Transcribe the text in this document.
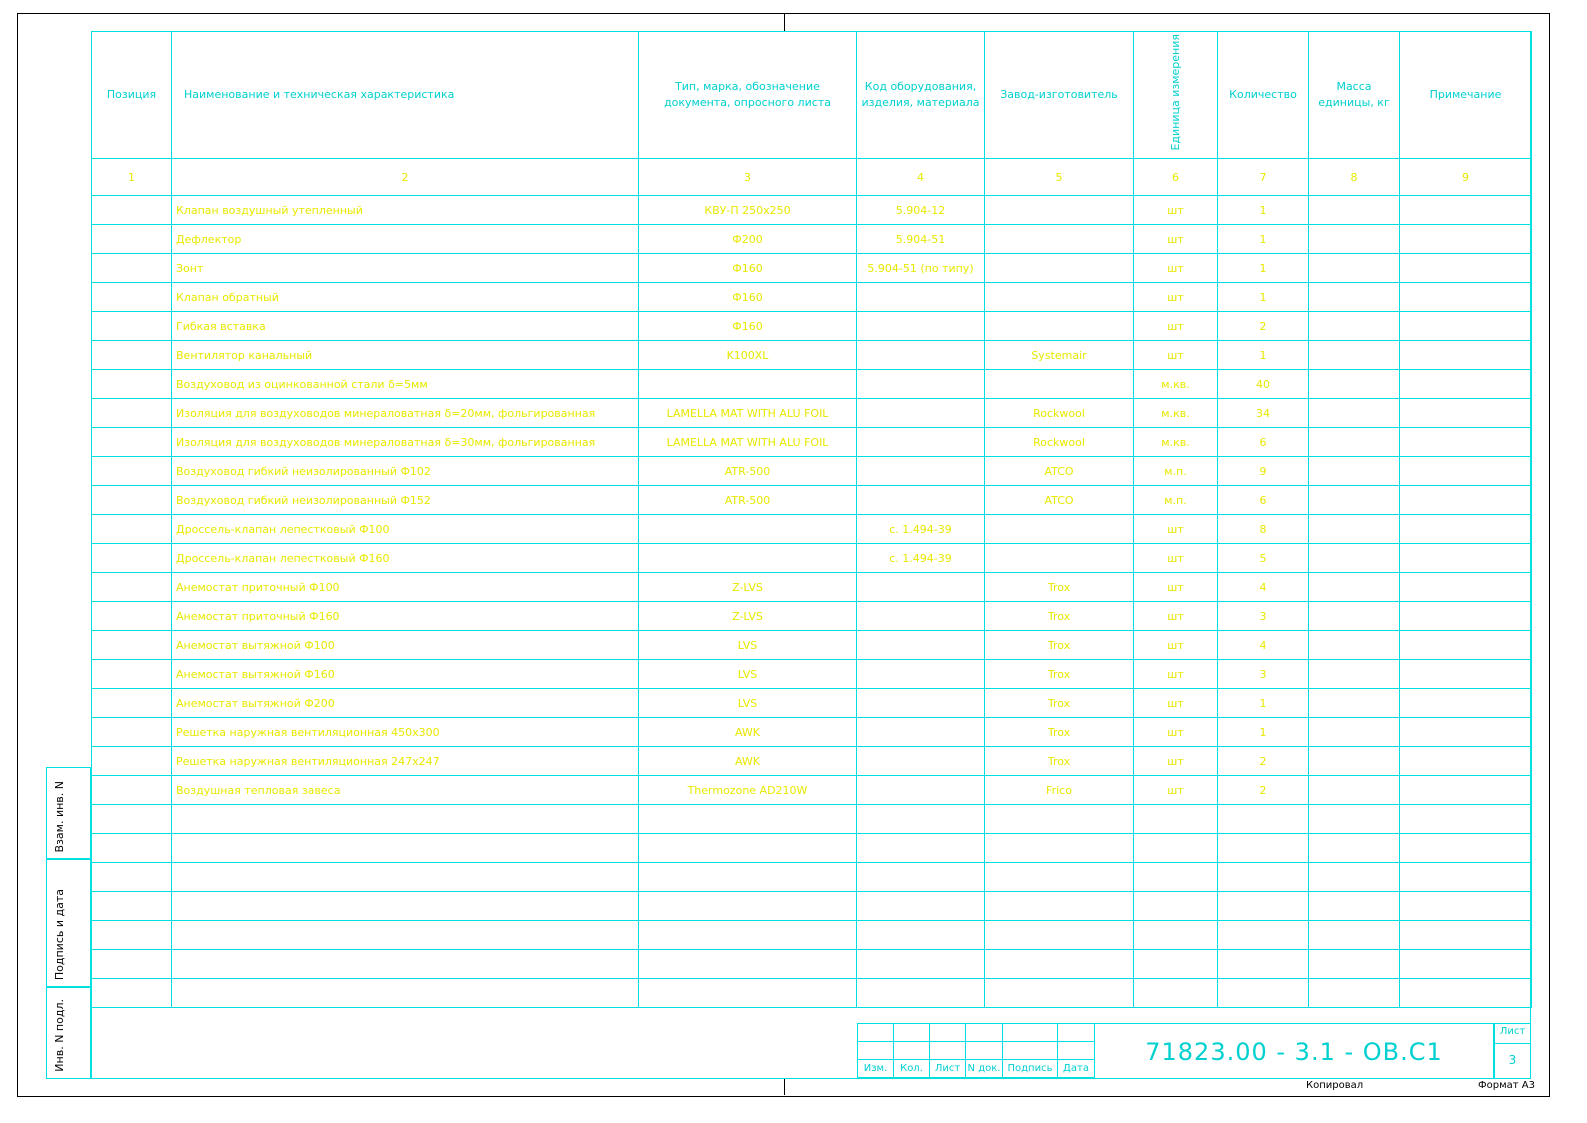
Позиция	Наименование и техническая характеристика	Тип, марка, обозначение документа, опросного листа	Код оборудования, изделия, материала	Завод-изготовитель	Единица измерения	Количество	Масса единицы, кг	Примечание
1	2	3	4	5	6	7	8	9
	Клапан воздушный утепленный	КВУ-П 250х250	5.904-12		шт	1		
	Дефлектор	Ф200	5.904-51		шт	1		
	Зонт	Ф160	5.904-51 (по типу)		шт	1		
	Клапан обратный	Ф160			шт	1		
	Гибкая вставка	Ф160			шт	2		
	Вентилятор канальный	K100XL		Systemair	шт	1		
	Воздуховод из оцинкованной стали δ=5мм				м.кв.	40		
	Изоляция для воздуховодов минераловатная δ=20мм, фольгированная	LAMELLA MAT WITH ALU FOIL		Rockwool	м.кв.	34		
	Изоляция для воздуховодов минераловатная δ=30мм, фольгированная	LAMELLA MAT WITH ALU FOIL		Rockwool	м.кв.	6		
	Воздуховод гибкий неизолированный Ф102	ATR-500		ATCO	м.п.	9		
	Воздуховод гибкий неизолированный Ф152	ATR-500		ATCO	м.п.	6		
	Дроссель-клапан лепестковый Ф100		с. 1.494-39		шт	8		
	Дроссель-клапан лепестковый Ф160		с. 1.494-39		шт	5		
	Анемостат приточный Ф100	Z-LVS		Trox	шт	4		
	Анемостат приточный Ф160	Z-LVS		Trox	шт	3		
	Анемостат вытяжной Ф100	LVS		Trox	шт	4		
	Анемостат вытяжной Ф160	LVS		Trox	шт	3		
	Анемостат вытяжной Ф200	LVS		Trox	шт	1		
	Решетка наружная вентиляционная 450х300	AWK		Trox	шт	1		
	Решетка наружная вентиляционная 247х247	AWK		Trox	шт	2		
	Воздушная тепловая завеса	Thermozone AD210W		Frico	шт	2		

Взам. инв. N
Подпись и дата
Инв. N подл.

						Изм.	Кол.	Лист	N док.	Подпись	Дата
71823.00 - 3.1 - ОВ.С1
Лист
3
Копировал	Формат А3
